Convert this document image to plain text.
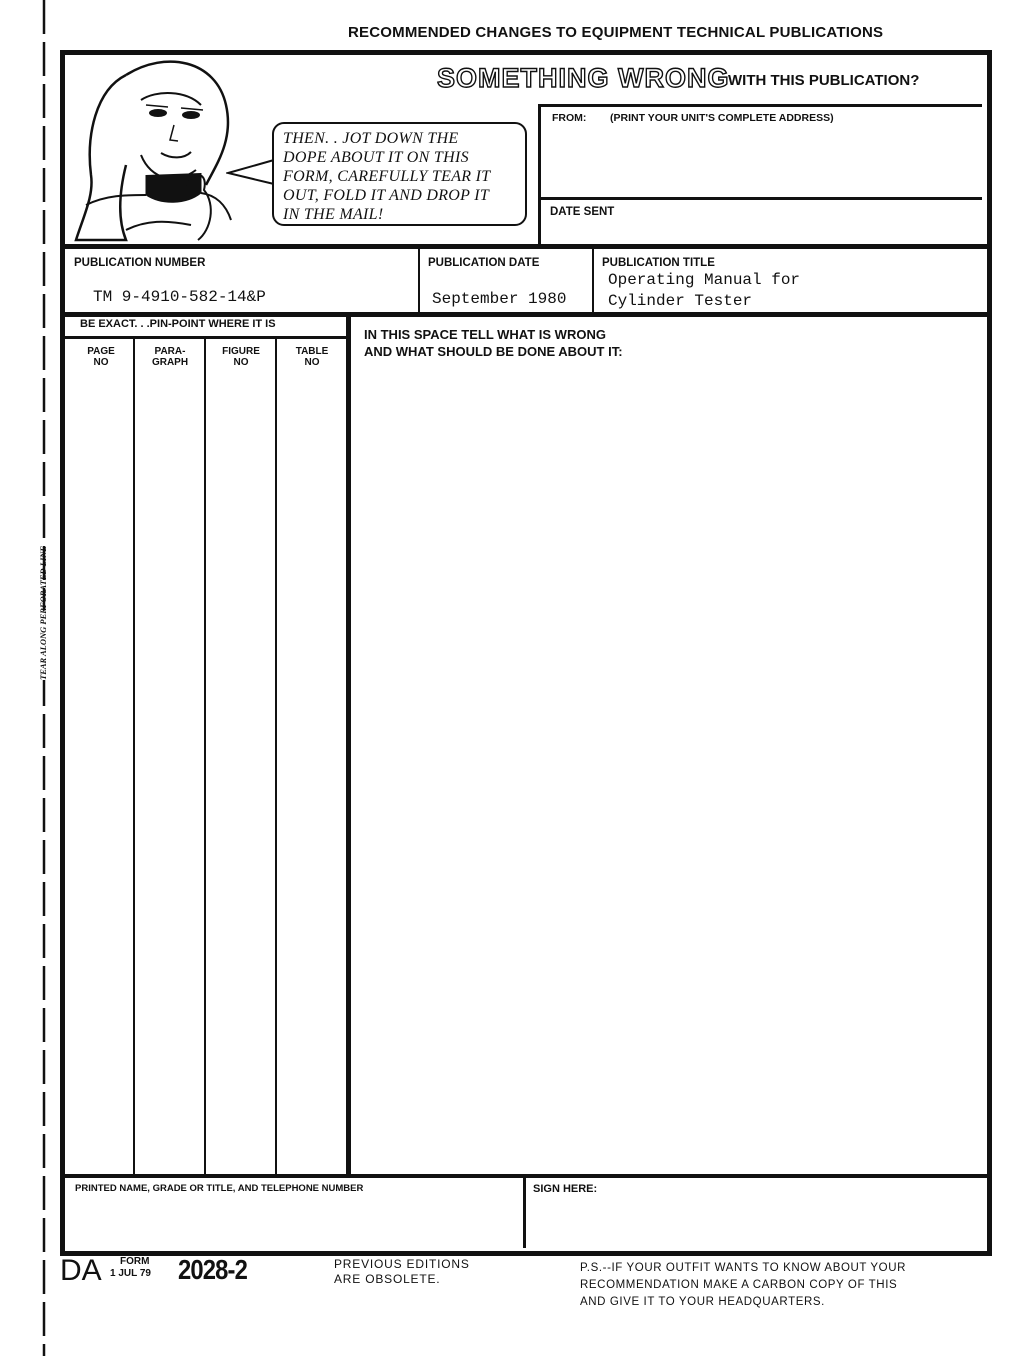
TEAR ALONG PERFORATED LINE
RECOMMENDED CHANGES TO EQUIPMENT TECHNICAL PUBLICATIONS
THEN. . JOT DOWN THE
DOPE ABOUT IT ON THIS
FORM, CAREFULLY TEAR IT
OUT, FOLD IT AND DROP IT
IN THE MAIL!
SOMETHING WRONG
WITH THIS PUBLICATION?
FROM: (PRINT YOUR UNIT'S COMPLETE ADDRESS)
DATE SENT
PUBLICATION NUMBER
TM 9-4910-582-14&P
PUBLICATION DATE
September 1980
PUBLICATION TITLE
Operating Manual for
Cylinder Tester
BE EXACT. . .PIN-POINT WHERE IT IS
PAGE
NO
PARA-
GRAPH
FIGURE
NO
TABLE
NO
IN THIS SPACE TELL WHAT IS WRONG
AND WHAT SHOULD BE DONE ABOUT IT:
PRINTED NAME, GRADE OR TITLE, AND TELEPHONE NUMBER	SIGN HERE:
DA FORM
1 JUL 79 2028-2	PREVIOUS EDITIONS
ARE OBSOLETE.
P.S.--IF YOUR OUTFIT WANTS TO KNOW ABOUT YOUR
RECOMMENDATION MAKE A CARBON COPY OF THIS
AND GIVE IT TO YOUR HEADQUARTERS.
